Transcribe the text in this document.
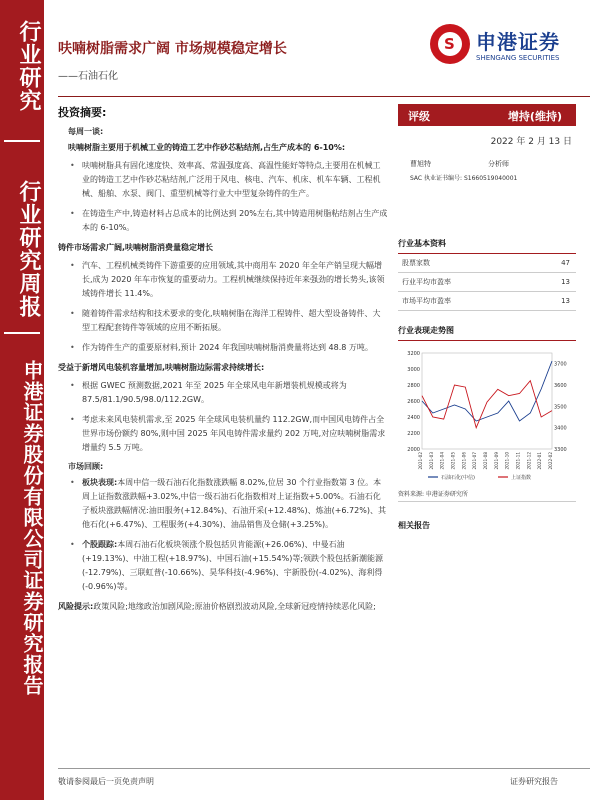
行业研究
行业研究周报
申港证券股份有限公司证券研究报告
呋喃树脂需求广阔 市场规模稳定增长
——石油石化
S 申港证券
SHENGANG SECURITIES
投资摘要:
每周一谈:
呋喃树脂主要用于机械工业的铸造工艺中作砂芯粘结剂,占生产成本的 6-10%:
• 呋喃树脂具有固化速度快、效率高、常温强度高、高温性能好等特点,主要用在机械工业的铸造工艺中作砂芯粘结剂,广泛用于风电、核电、汽车、机床、机车车辆、工程机械、船舶、水泵、阀门、重型机械等行业大中型复杂铸件的生产。
• 在铸造生产中,铸造材料占总成本的比例达到 20%左右,其中铸造用树脂粘结剂占生产成本的 6-10%。
铸件市场需求广阔,呋喃树脂消费量稳定增长
• 汽车、工程机械类铸件下游重要的应用领域,其中商用车 2020 年全年产销呈现大幅增长,成为 2020 年车市恢复的重要动力。工程机械继续保持近年来强劲的增长势头,该领域铸件增长 11.4%。
• 随着铸件需求结构和技术要求的变化,呋喃树脂在海洋工程铸件、超大型设备铸件、大型工程配套铸件等领域的应用不断拓展。
• 作为铸件生产的重要原材料,预计 2024 年我国呋喃树脂消费量将达到 48.8 万吨。
受益于新增风电装机容量增加,呋喃树脂边际需求持续增长:
• 根据 GWEC 预测数据,2021 年至 2025 年全球风电年新增装机规模或将为 87.5/81.1/90.5/98.0/112.2GW。
• 考虑未来风电装机需求,至 2025 年全球风电装机量约 112.2GW,而中国风电铸件占全世界市场份额约 80%,则中国 2025 年风电铸件需求量约 202 万吨,对应呋喃树脂需求增量约 5.5 万吨。
市场回顾:
• 板块表现:本周中信一级石油石化指数涨跌幅 8.02%,位居 30 个行业指数第 3 位。本周上证指数涨跌幅+3.02%,中信一级石油石化指数相对上证指数+5.00%。石油石化子板块涨跌幅情况:油田服务(+12.84%)、石油开采(+12.48%)、炼油(+6.72%)、其他石化(+6.47%)、工程服务(+4.30%)、油品销售及仓储(+3.25%)。
• 个股跟踪:本周石油石化板块领涨个股包括贝肯能源(+26.06%)、中曼石油(+19.13%)、中油工程(+18.97%)、中国石油(+15.54%)等;领跌个股包括新潮能源(-12.79%)、三联虹普(-10.66%)、昊华科技(-4.96%)、宇新股份(-4.02%)、海利得(-0.96%)等。
风险提示:政策风险;地缘政治加剧风险;原油价格剧烈波动风险,全球新冠疫情持续恶化风险;
评级	增持(维持)
2022 年 2 月 13 日
曹旭特	分析师
SAC 执业证书编号: S1660519040001
行业基本资料
股票家数	47
行业平均市盈率	13
市场平均市盈率	13
行业表现走势图
2000
2200
2400
2600
2800
3000
3200
3300
3400
3500
3600
3700
2021-02 2021-03 2021-04 2021-05 2021-06 2021-07 2021-08 2021-09 2021-10 2021-11 2021-12 2022-01 2022-02
石油石化(中信)	上证指数
资料来源: 申港证券研究所
相关报告
敬请参阅最后一页免责声明	证券研究报告
